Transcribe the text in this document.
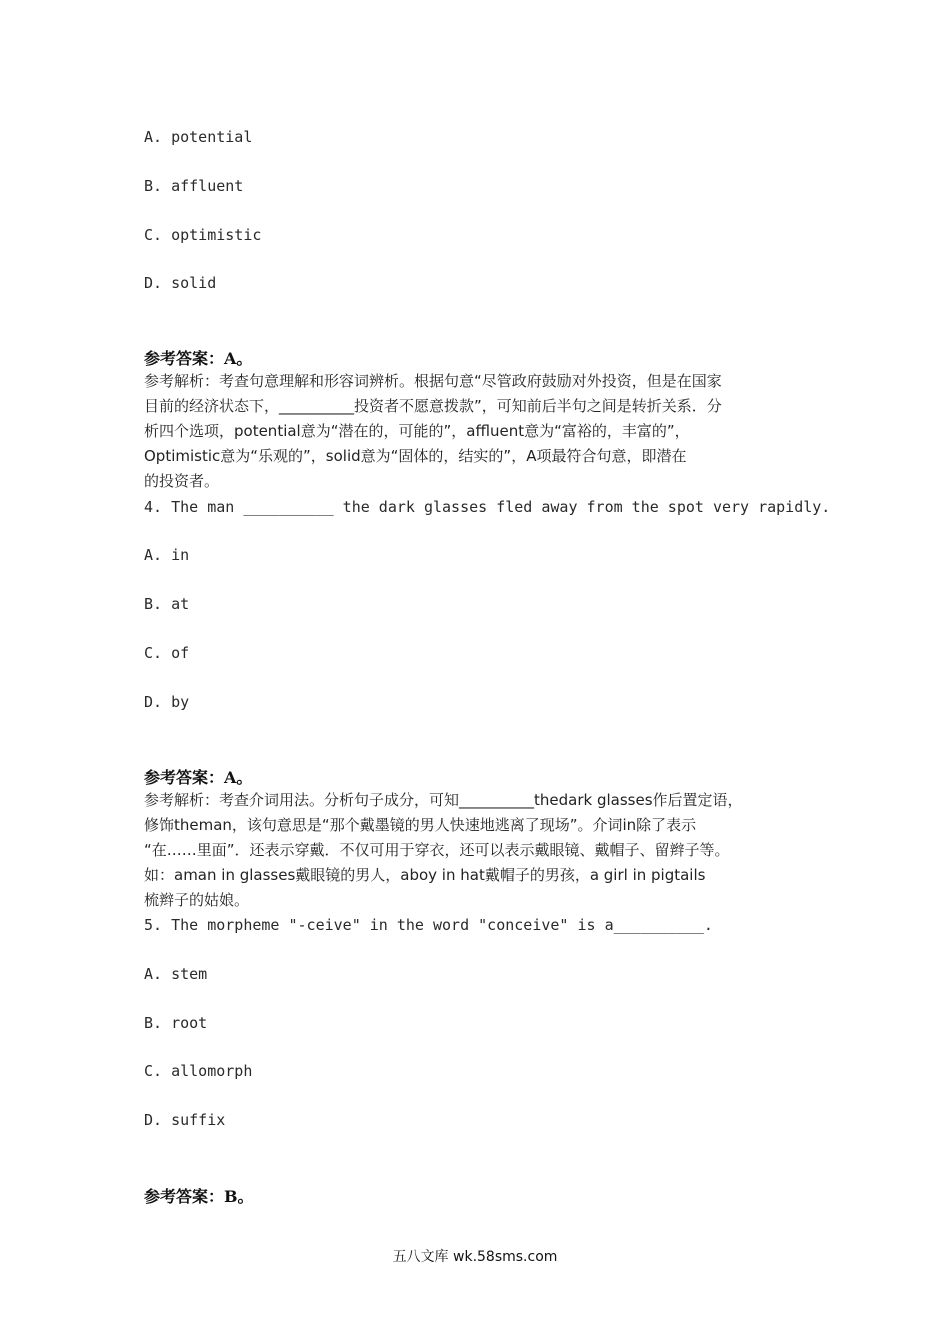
A. potential
B. affluent
C. optimistic
D. solid
参考答案：A。
参考解析：考查句意理解和形容词辨析。根据句意“尽管政府鼓励对外投资，但是在国家
目前的经济状态下，__________投资者不愿意拨款”，可知前后半句之间是转折关系．分
析四个选项，potential意为“潜在的，可能的”，affluent意为“富裕的，丰富的”，
Optimistic意为“乐观的”，solid意为“固体的，结实的”，A项最符合句意，即潜在
的投资者。
4. The man __________ the dark glasses fled away from the spot very rapidly.
A. in
B. at
C. of
D. by
参考答案：A。
参考解析：考查介词用法。分析句子成分，可知__________thedark glasses作后置定语，
修饰theman，该句意思是“那个戴墨镜的男人快速地逃离了现场”。介词in除了表示
“在……里面”．还表示穿戴．不仅可用于穿衣，还可以表示戴眼镜、戴帽子、留辫子等。
如：aman in glasses戴眼镜的男人，aboy in hat戴帽子的男孩，a girl in pigtails
梳辫子的姑娘。
5. The morpheme "-ceive" in the word "conceive" is a__________.
A. stem
B. root
C. allomorph
D. suffix
参考答案：B。
五八文库 wk.58sms.com
